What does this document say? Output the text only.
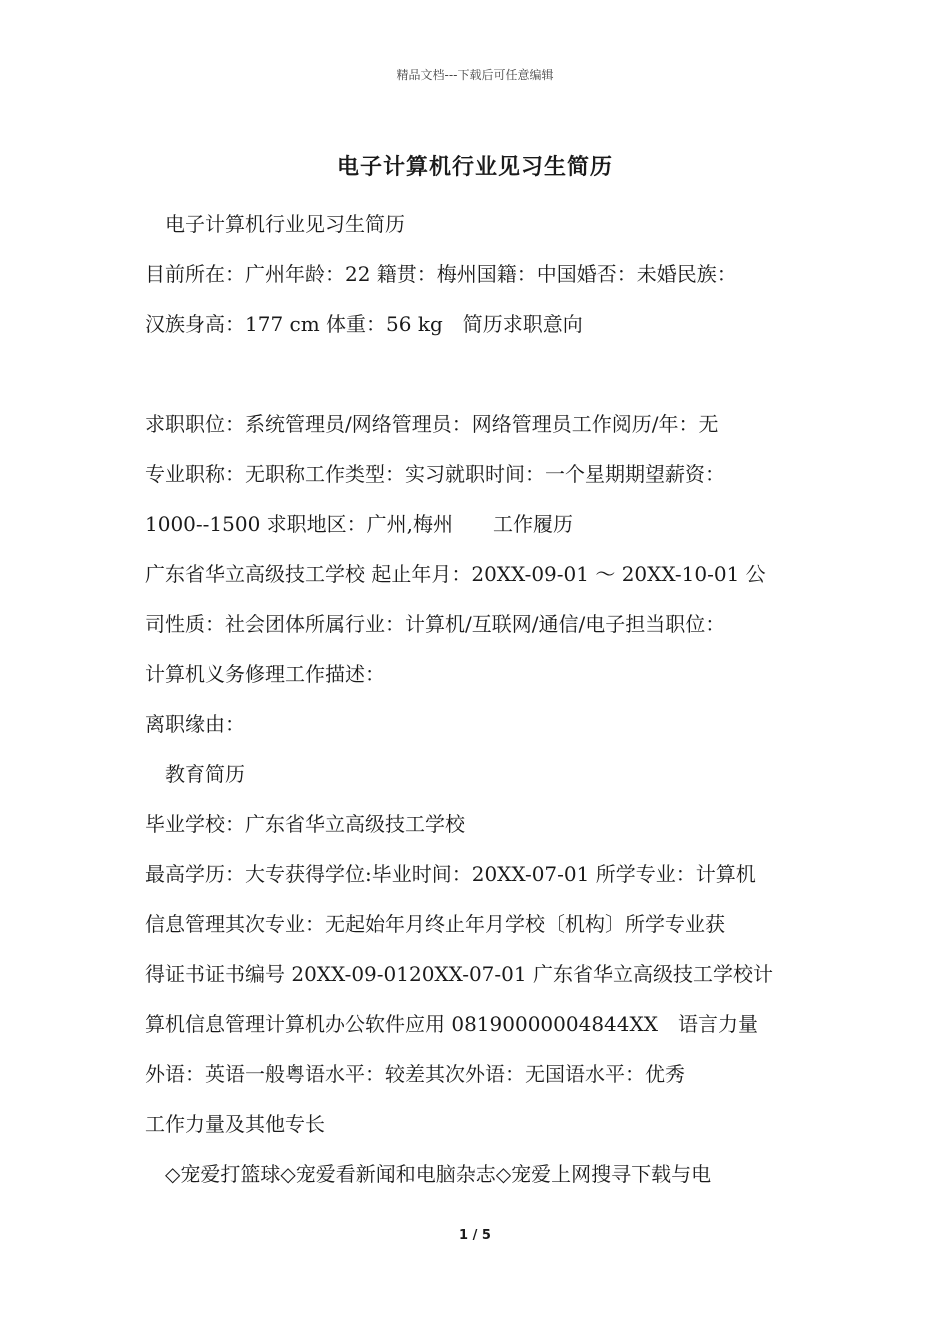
精品文档---下载后可任意编辑
电子计算机行业见习生简历
电子计算机行业见习生简历
目前所在：广州年龄：22 籍贯：梅州国籍：中国婚否：未婚民族：
汉族身高：177 cm 体重：56 kg　简历求职意向
求职职位：系统管理员/网络管理员：网络管理员工作阅历/年：无
专业职称：无职称工作类型：实习就职时间：一个星期期望薪资：
1000--1500 求职地区：广州,梅州　　工作履历
广东省华立高级技工学校 起止年月：20XX-09-01 ～ 20XX-10-01 公
司性质：社会团体所属行业：计算机/互联网/通信/电子担当职位：
计算机义务修理工作描述：
离职缘由：
教育简历
毕业学校：广东省华立高级技工学校
最高学历：大专获得学位:毕业时间：20XX-07-01 所学专业：计算机
信息管理其次专业：无起始年月终止年月学校〔机构〕所学专业获
得证书证书编号 20XX-09-0120XX-07-01 广东省华立高级技工学校计
算机信息管理计算机办公软件应用 08190000004844XX　语言力量
外语：英语一般粤语水平：较差其次外语：无国语水平：优秀
工作力量及其他专长
◇宠爱打篮球◇宠爱看新闻和电脑杂志◇宠爱上网搜寻下载与电
1 / 5
